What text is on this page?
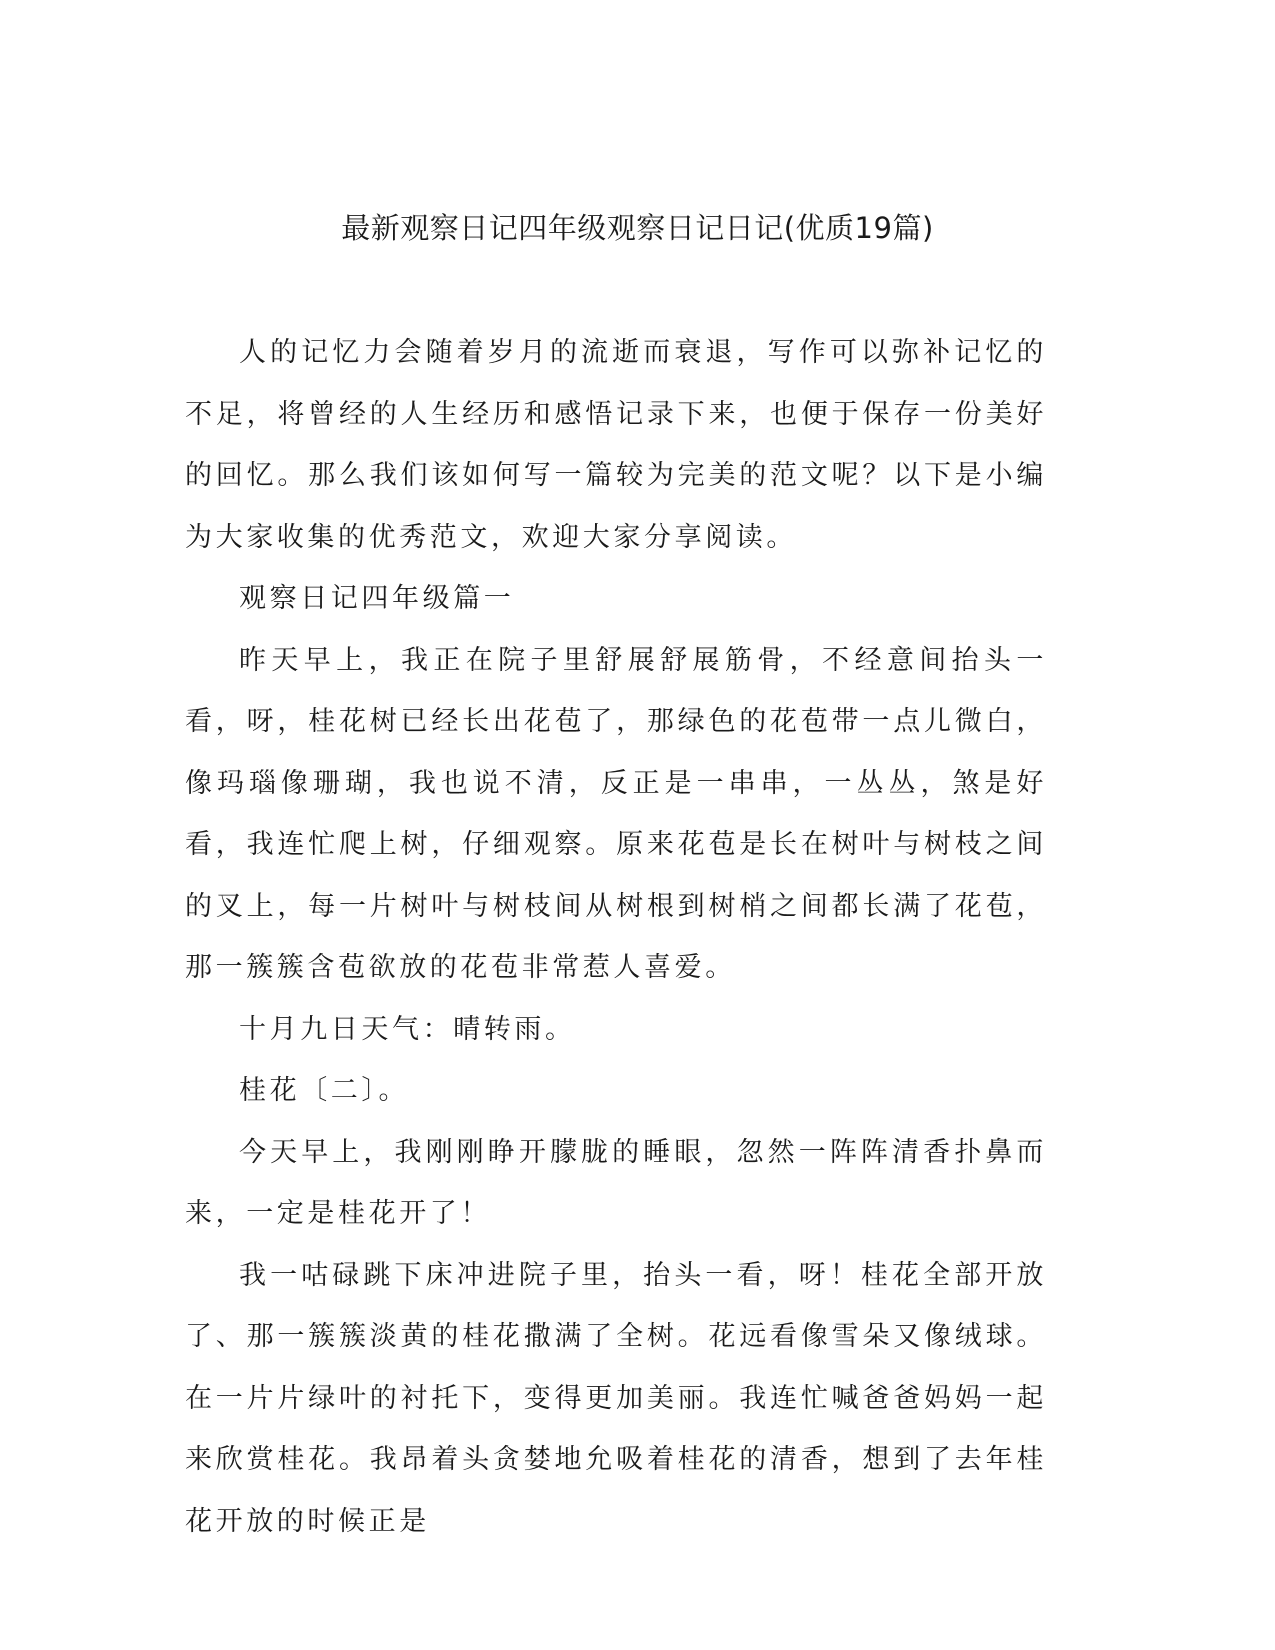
最新观察日记四年级观察日记日记(优质19篇)

人的记忆力会随着岁月的流逝而衰退，写作可以弥补记忆的不足，将曾经的人生经历和感悟记录下来，也便于保存一份美好的回忆。那么我们该如何写一篇较为完美的范文呢？以下是小编为大家收集的优秀范文，欢迎大家分享阅读。

观察日记四年级篇一

昨天早上，我正在院子里舒展舒展筋骨，不经意间抬头一看，呀，桂花树已经长出花苞了，那绿色的花苞带一点儿微白，像玛瑙像珊瑚，我也说不清，反正是一串串，一丛丛，煞是好看，我连忙爬上树，仔细观察。原来花苞是长在树叶与树枝之间的叉上，每一片树叶与树枝间从树根到树梢之间都长满了花苞，那一簇簇含苞欲放的花苞非常惹人喜爱。

十月九日天气：晴转雨。

桂花〔二〕。

今天早上，我刚刚睁开朦胧的睡眼，忽然一阵阵清香扑鼻而来，一定是桂花开了！

我一咕碌跳下床冲进院子里，抬头一看，呀！桂花全部开放了、那一簇簇淡黄的桂花撒满了全树。花远看像雪朵又像绒球。在一片片绿叶的衬托下，变得更加美丽。我连忙喊爸爸妈妈一起来欣赏桂花。我昂着头贪婪地允吸着桂花的清香，想到了去年桂花开放的时候正是
